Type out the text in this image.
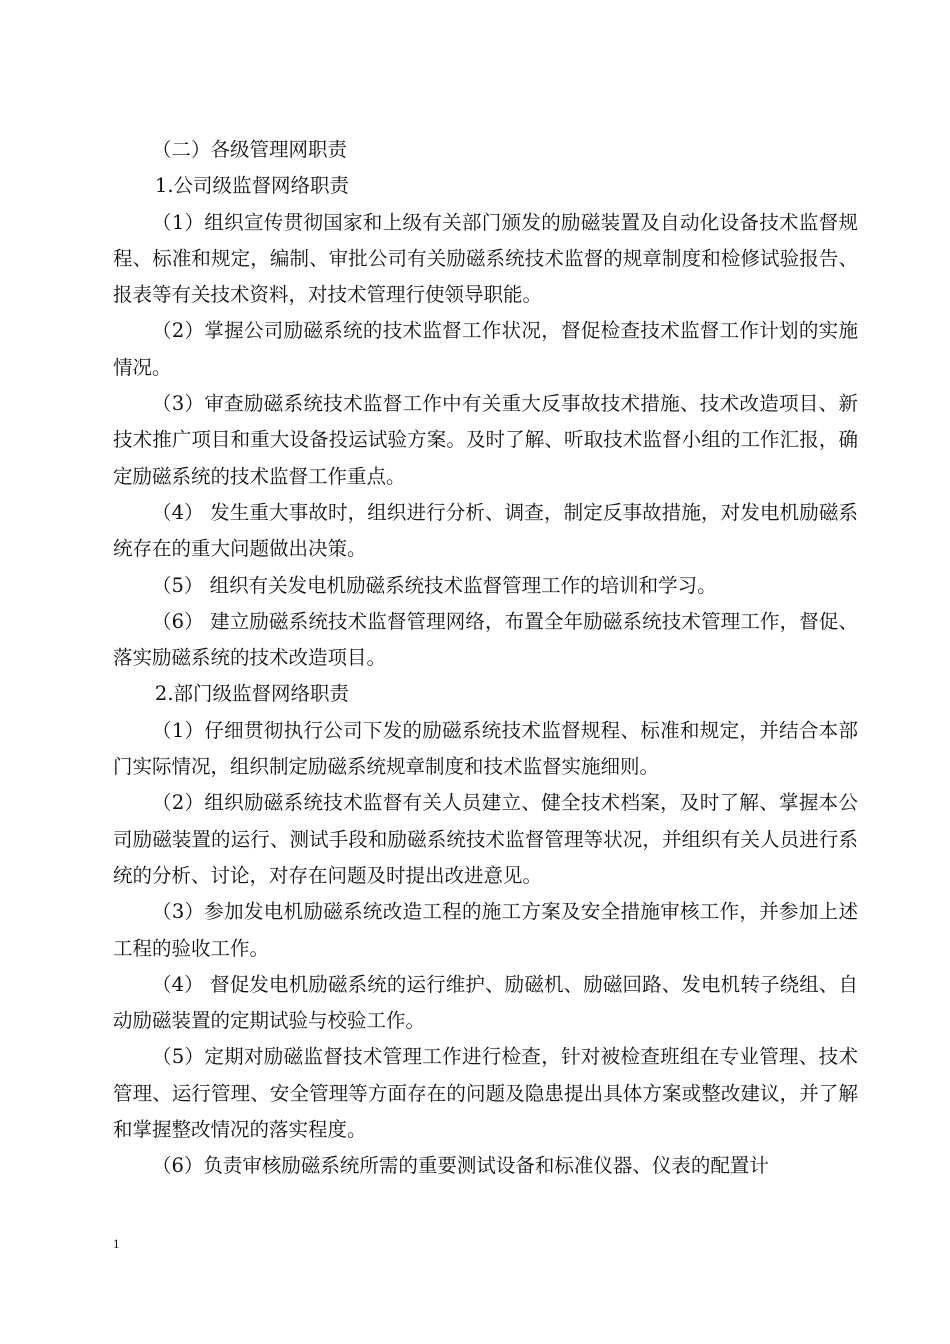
（二）各级管理网职责

1.公司级监督网络职责

（1）组织宣传贯彻国家和上级有关部门颁发的励磁装置及自动化设备技术监督规程、标准和规定，编制、审批公司有关励磁系统技术监督的规章制度和检修试验报告、报表等有关技术资料，对技术管理行使领导职能。

（2）掌握公司励磁系统的技术监督工作状况，督促检查技术监督工作计划的实施情况。

（3）审查励磁系统技术监督工作中有关重大反事故技术措施、技术改造项目、新技术推广项目和重大设备投运试验方案。及时了解、听取技术监督小组的工作汇报，确定励磁系统的技术监督工作重点。

（4） 发生重大事故时，组织进行分析、调查，制定反事故措施，对发电机励磁系统存在的重大问题做出决策。

（5） 组织有关发电机励磁系统技术监督管理工作的培训和学习。

（6） 建立励磁系统技术监督管理网络，布置全年励磁系统技术管理工作，督促、落实励磁系统的技术改造项目。

2.部门级监督网络职责

（1）仔细贯彻执行公司下发的励磁系统技术监督规程、标准和规定，并结合本部门实际情况，组织制定励磁系统规章制度和技术监督实施细则。

（2）组织励磁系统技术监督有关人员建立、健全技术档案，及时了解、掌握本公司励磁装置的运行、测试手段和励磁系统技术监督管理等状况，并组织有关人员进行系统的分析、讨论，对存在问题及时提出改进意见。

（3）参加发电机励磁系统改造工程的施工方案及安全措施审核工作，并参加上述工程的验收工作。

（4） 督促发电机励磁系统的运行维护、励磁机、励磁回路、发电机转子绕组、自动励磁装置的定期试验与校验工作。

（5）定期对励磁监督技术管理工作进行检查，针对被检查班组在专业管理、技术管理、运行管理、安全管理等方面存在的问题及隐患提出具体方案或整改建议，并了解和掌握整改情况的落实程度。

（6）负责审核励磁系统所需的重要测试设备和标准仪器、仪表的配置计

1
